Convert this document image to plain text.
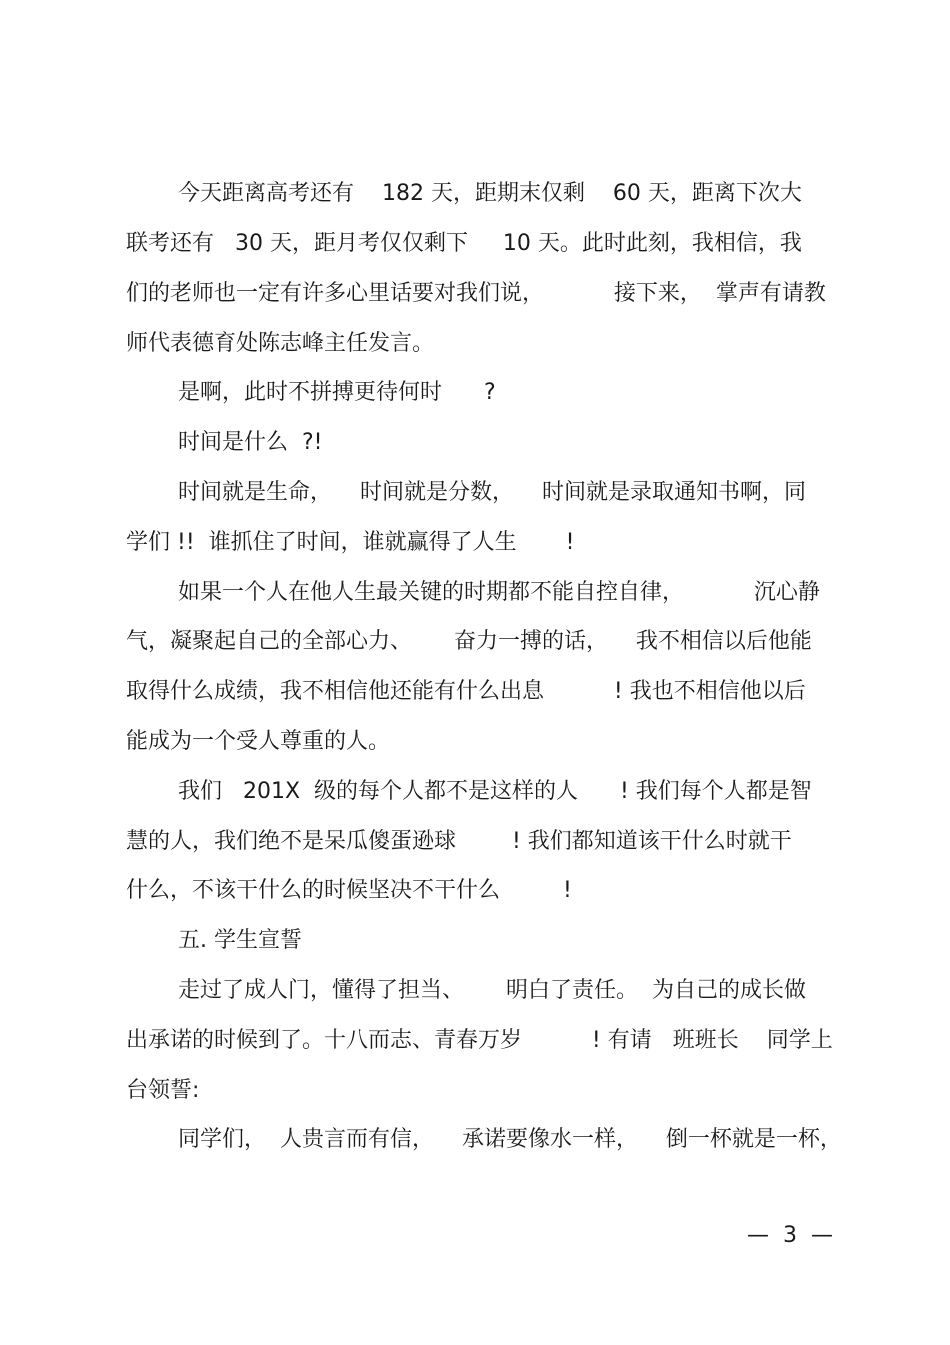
今天距离高考还有    182 天，距期末仅剩    60 天，距离下次大
联考还有   30 天，距月考仅仅剩下     10 天。此时此刻，我相信，我
们的老师也一定有许多心里话要对我们说，          接下来，  掌声有请教
师代表德育处陈志峰主任发言。
是啊，此时不拼搏更待何时      ?
时间是什么  ?!
时间就是生命，    时间就是分数，    时间就是录取通知书啊，同
学们 !!  谁抓住了时间，谁就赢得了人生       !
如果一个人在他人生最关键的时期都不能自控自律，          沉心静
气，凝聚起自己的全部心力、      奋力一搏的话，    我不相信以后他能
取得什么成绩，我不相信他还能有什么出息          ! 我也不相信他以后
能成为一个受人尊重的人。
我们   201X  级的每个人都不是这样的人      ! 我们每个人都是智
慧的人，我们绝不是呆瓜傻蛋逊球        ! 我们都知道该干什么时就干
什么，不该干什么的时候坚决不干什么         !
五. 学生宣誓
走过了成人门，懂得了担当、      明白了责任。  为自己的成长做
出承诺的时候到了。十八而志、青春万岁          ! 有请   班班长    同学上
台领誓:
同学们，  人贵言而有信，    承诺要像水一样，    倒一杯就是一杯，
—  3  —
